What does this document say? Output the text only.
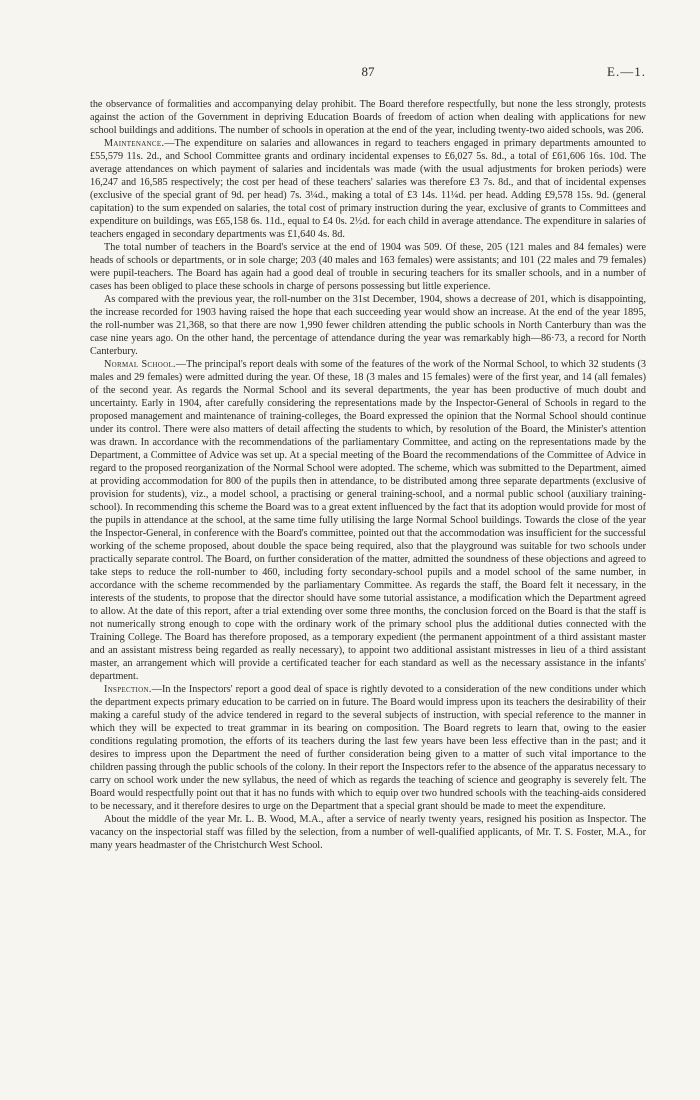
87	E.—1.

the observance of formalities and accompanying delay prohibit. The Board therefore respectfully, but none the less strongly, protests against the action of the Government in depriving Education Boards of freedom of action when dealing with applications for new school buildings and additions. The number of schools in operation at the end of the year, including twenty-two aided schools, was 206.

Maintenance.—The expenditure on salaries and allowances in regard to teachers engaged in primary departments amounted to £55,579 11s. 2d., and School Committee grants and ordinary incidental expenses to £6,027 5s. 8d., a total of £61,606 16s. 10d. The average attendances on which payment of salaries and incidentals was made (with the usual adjustments for broken periods) were 16,247 and 16,585 respectively; the cost per head of these teachers' salaries was therefore £3 7s. 8d., and that of incidental expenses (exclusive of the special grant of 9d. per head) 7s. 3¼d., making a total of £3 14s. 11¼d. per head. Adding £9,578 15s. 9d. (general capitation) to the sum expended on salaries, the total cost of primary instruction during the year, exclusive of grants to Committees and expenditure on buildings, was £65,158 6s. 11d., equal to £4 0s. 2½d. for each child in average attendance. The expenditure in salaries of teachers engaged in secondary departments was £1,640 4s. 8d.

The total number of teachers in the Board's service at the end of 1904 was 509. Of these, 205 (121 males and 84 females) were heads of schools or departments, or in sole charge; 203 (40 males and 163 females) were assistants; and 101 (22 males and 79 females) were pupil-teachers. The Board has again had a good deal of trouble in securing teachers for its smaller schools, and in a number of cases has been obliged to place these schools in charge of persons possessing but little experience.

As compared with the previous year, the roll-number on the 31st December, 1904, shows a decrease of 201, which is disappointing, the increase recorded for 1903 having raised the hope that each succeeding year would show an increase. At the end of the year 1895, the roll-number was 21,368, so that there are now 1,990 fewer children attending the public schools in North Canterbury than was the case nine years ago. On the other hand, the percentage of attendance during the year was remarkably high—86·73, a record for North Canterbury.

Normal School.—The principal's report deals with some of the features of the work of the Normal School, to which 32 students (3 males and 29 females) were admitted during the year. Of these, 18 (3 males and 15 females) were of the first year, and 14 (all females) of the second year. As regards the Normal School and its several departments, the year has been productive of much doubt and uncertainty. Early in 1904, after carefully considering the representations made by the Inspector-General of Schools in regard to the proposed management and maintenance of training-colleges, the Board expressed the opinion that the Normal School should continue under its control. There were also matters of detail affecting the students to which, by resolution of the Board, the Minister's attention was drawn. In accordance with the recommendations of the parliamentary Committee, and acting on the representations made by the Department, a Committee of Advice was set up. At a special meeting of the Board the recommendations of the Committee of Advice in regard to the proposed reorganization of the Normal School were adopted. The scheme, which was submitted to the Department, aimed at providing accommodation for 800 of the pupils then in attendance, to be distributed among three separate departments (exclusive of provision for students), viz., a model school, a practising or general training-school, and a normal public school (auxiliary training-school). In recommending this scheme the Board was to a great extent influenced by the fact that its adoption would provide for most of the pupils in attendance at the school, at the same time fully utilising the large Normal School buildings. Towards the close of the year the Inspector-General, in conference with the Board's committee, pointed out that the accommodation was insufficient for the successful working of the scheme proposed, about double the space being required, also that the playground was suitable for two schools under practically separate control. The Board, on further consideration of the matter, admitted the soundness of these objections and agreed to take steps to reduce the roll-number to 460, including forty secondary-school pupils and a model school of the same number, in accordance with the scheme recommended by the parliamentary Committee. As regards the staff, the Board felt it necessary, in the interests of the students, to propose that the director should have some tutorial assistance, a modification which the Department agreed to allow. At the date of this report, after a trial extending over some three months, the conclusion forced on the Board is that the staff is not numerically strong enough to cope with the ordinary work of the primary school plus the additional duties connected with the Training College. The Board has therefore proposed, as a temporary expedient (the permanent appointment of a third assistant master and an assistant mistress being regarded as really necessary), to appoint two additional assistant mistresses in lieu of a third assistant master, an arrangement which will provide a certificated teacher for each standard as well as the necessary assistance in the infants' department.

Inspection.—In the Inspectors' report a good deal of space is rightly devoted to a consideration of the new conditions under which the department expects primary education to be carried on in future. The Board would impress upon its teachers the desirability of their making a careful study of the advice tendered in regard to the several subjects of instruction, with special reference to the manner in which they will be expected to treat grammar in its bearing on composition. The Board regrets to learn that, owing to the easier conditions regulating promotion, the efforts of its teachers during the last few years have been less effective than in the past; and it desires to impress upon the Department the need of further consideration being given to a matter of such vital importance to the children passing through the public schools of the colony. In their report the Inspectors refer to the absence of the apparatus necessary to carry on school work under the new syllabus, the need of which as regards the teaching of science and geography is severely felt. The Board would respectfully point out that it has no funds with which to equip over two hundred schools with the teaching-aids considered to be necessary, and it therefore desires to urge on the Department that a special grant should be made to meet the expenditure.

About the middle of the year Mr. L. B. Wood, M.A., after a service of nearly twenty years, resigned his position as Inspector. The vacancy on the inspectorial staff was filled by the selection, from a number of well-qualified applicants, of Mr. T. S. Foster, M.A., for many years headmaster of the Christchurch West School.
